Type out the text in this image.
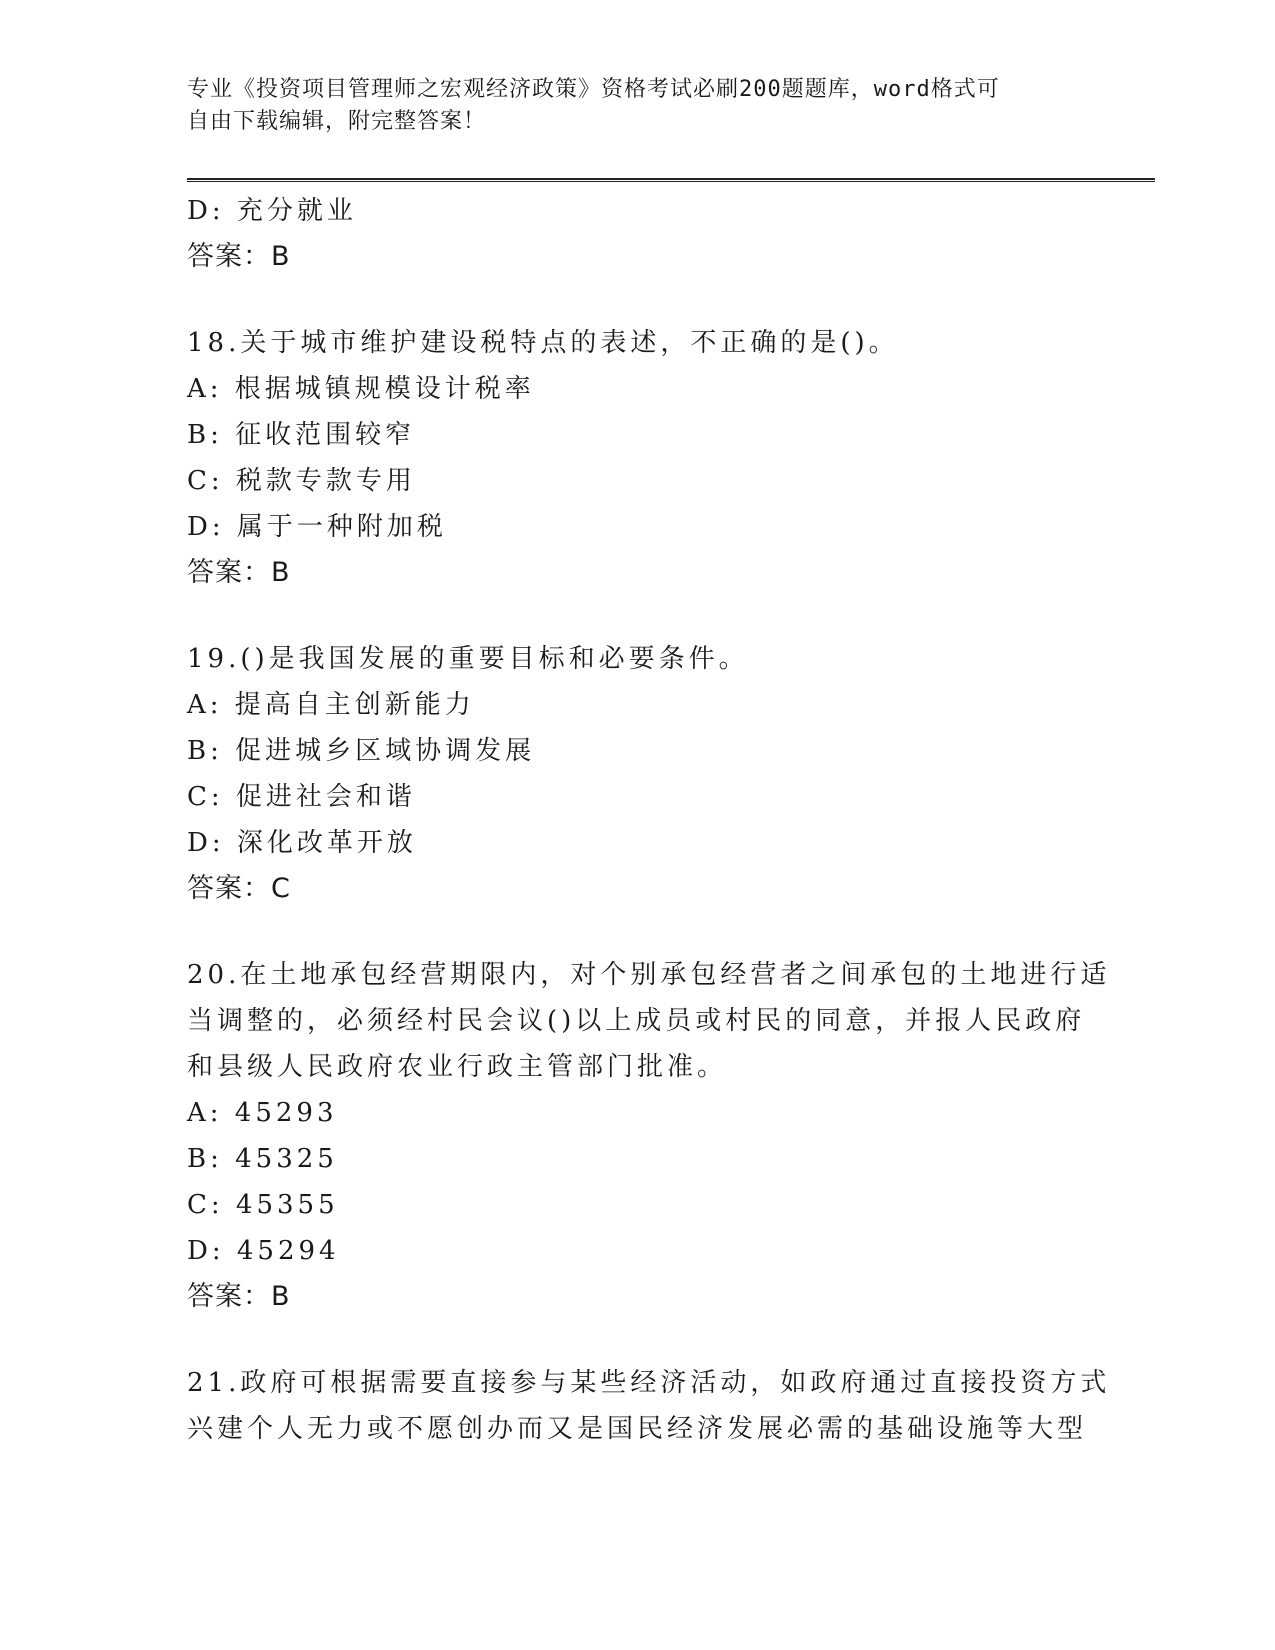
专业《投资项目管理师之宏观经济政策》资格考试必刷200题题库，word格式可
自由下载编辑，附完整答案！
D: 充分就业
答案：B
18.关于城市维护建设税特点的表述，不正确的是()。
A: 根据城镇规模设计税率
B: 征收范围较窄
C: 税款专款专用
D: 属于一种附加税
答案：B
19.()是我国发展的重要目标和必要条件。
A: 提高自主创新能力
B: 促进城乡区域协调发展
C: 促进社会和谐
D: 深化改革开放
答案：C
20.在土地承包经营期限内，对个别承包经营者之间承包的土地进行适
当调整的，必须经村民会议()以上成员或村民的同意，并报人民政府
和县级人民政府农业行政主管部门批准。
A: 45293
B: 45325
C: 45355
D: 45294
答案：B
21.政府可根据需要直接参与某些经济活动，如政府通过直接投资方式
兴建个人无力或不愿创办而又是国民经济发展必需的基础设施等大型
